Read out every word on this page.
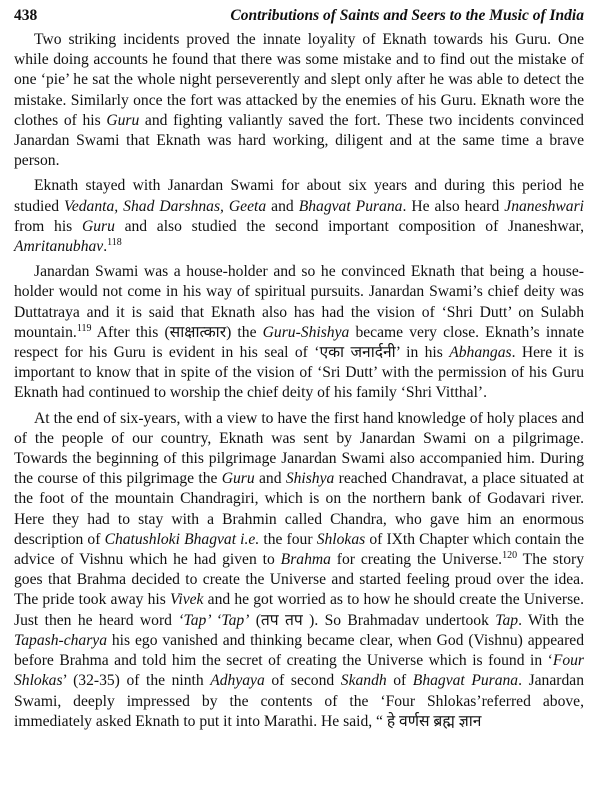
438	Contributions of Saints and Seers to the Music of India

Two striking incidents proved the innate loyality of Eknath towards his Guru. One while doing accounts he found that there was some mistake and to find out the mistake of one ‘pie’ he sat the whole night perseverently and slept only after he was able to detect the mistake. Similarly once the fort was attacked by the enemies of his Guru. Eknath wore the clothes of his Guru and fighting valiantly saved the fort. These two incidents convinced Janardan Swami that Eknath was hard working, diligent and at the same time a brave person.

Eknath stayed with Janardan Swami for about six years and during this period he studied Vedanta, Shad Darshnas, Geeta and Bhagvat Purana. He also heard Jnaneshwari from his Guru and also studied the second important composition of Jnaneshwar, Amritanubhav.$^{118}$

Janardan Swami was a house-holder and so he convinced Eknath that being a house-holder would not come in his way of spiritual pursuits. Janardan Swami’s chief deity was Duttatraya and it is said that Eknath also has had the vision of ‘Shri Dutt’ on Sulabh mountain.$^{119}$ After this (साक्षात्कार) the Guru-Shishya became very close. Eknath’s innate respect for his Guru is evident in his seal of ‘एका जनार्दनी’ in his Abhangas. Here it is important to know that in spite of the vision of ‘Sri Dutt’ with the permission of his Guru Eknath had continued to worship the chief deity of his family ‘Shri Vitthal’.

At the end of six-years, with a view to have the first hand knowledge of holy places and of the people of our country, Eknath was sent by Janardan Swami on a pilgrimage. Towards the beginning of this pilgrimage Janardan Swami also accompanied him. During the course of this pilgrimage the Guru and Shishya reached Chandravat, a place situated at the foot of the mountain Chandragiri, which is on the northern bank of Godavari river. Here they had to stay with a Brahmin called Chandra, who gave him an enormous description of Chatushloki Bhagvat i.e. the four Shlokas of IXth Chapter which contain the advice of Vishnu which he had given to Brahma for creating the Universe.$^{120}$ The story goes that Brahma decided to create the Universe and started feeling proud over the idea. The pride took away his Vivek and he got worried as to how he should create the Universe. Just then he heard word ‘Tap’ ‘Tap’ (तप तप ). So Brahmadav undertook Tap. With the Tapash-charya his ego vanished and thinking became clear, when God (Vishnu) appeared before Brahma and told him the secret of creating the Universe which is found in ‘Four Shlokas’ (32-35) of the ninth Adhyaya of second Skandh of Bhagvat Purana. Janardan Swami, deeply impressed by the contents of the ‘Four Shlokas’referred above, immediately asked Eknath to put it into Marathi. He said, “ हे वर्णस ब्रह्म ज्ञान
